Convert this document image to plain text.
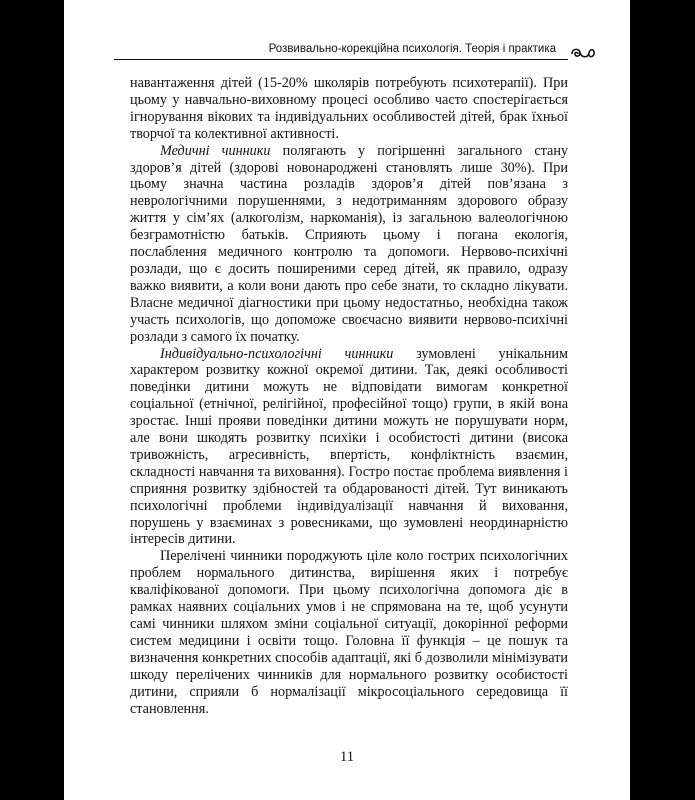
Розвивально-корекційна психологія. Теорія і практика

навантаження дітей (15-20% школярів потребують психотерапії). При цьому у навчально-виховному процесі особливо часто спостерігається ігнорування вікових та індивідуальних особливостей дітей, брак їхньої творчої та колективної активності.

Медичні чинники полягають у погіршенні загального стану здоров’я дітей (здорові новонароджені становлять лише 30%). При цьому значна частина розладів здоров’я дітей пов’язана з неврологічними порушеннями, з недотриманням здорового образу життя у сім’ях (алкоголізм, наркоманія), із загальною валеологічною безграмотністю батьків. Сприяють цьому і погана екологія, послаблення медичного контролю та допомоги. Нервово-психічні розлади, що є досить поширеними серед дітей, як правило, одразу важко виявити, а коли вони дають про себе знати, то складно лікувати. Власне медичної діагностики при цьому недостатньо, необхідна також участь психологів, що допоможе своєчасно виявити нервово-психічні розлади з самого їх початку.

Індивідуально-психологічні чинники зумовлені унікальним характером розвитку кожної окремої дитини. Так, деякі особливості поведінки дитини можуть не відповідати вимогам конкретної соціальної (етнічної, релігійної, професійної тощо) групи, в якій вона зростає. Інші прояви поведінки дитини можуть не порушувати норм, але вони шкодять розвитку психіки і особистості дитини (висока тривожність, агресивність, впертість, конфліктність взаємин, складності навчання та виховання). Гостро постає проблема виявлення і сприяння розвитку здібностей та обдарованості дітей. Тут виникають психологічні проблеми індивідуалізації навчання й виховання, порушень у взаєминах з ровесниками, що зумовлені неординарністю інтересів дитини.

Перелічені чинники породжують ціле коло гострих психологічних проблем нормального дитинства, вирішення яких і потребує кваліфікованої допомоги. При цьому психологічна допомога діє в рамках наявних соціальних умов і не спрямована на те, щоб усунути самі чинники шляхом зміни соціальної ситуації, докорінної реформи систем медицини і освіти тощо. Головна її функція – це пошук та визначення конкретних способів адаптації, які б дозволили мінімізувати шкоду перелічених чинників для нормального розвитку особистості дитини, сприяли б нормалізації мікросоціального середовища її становлення.

11
